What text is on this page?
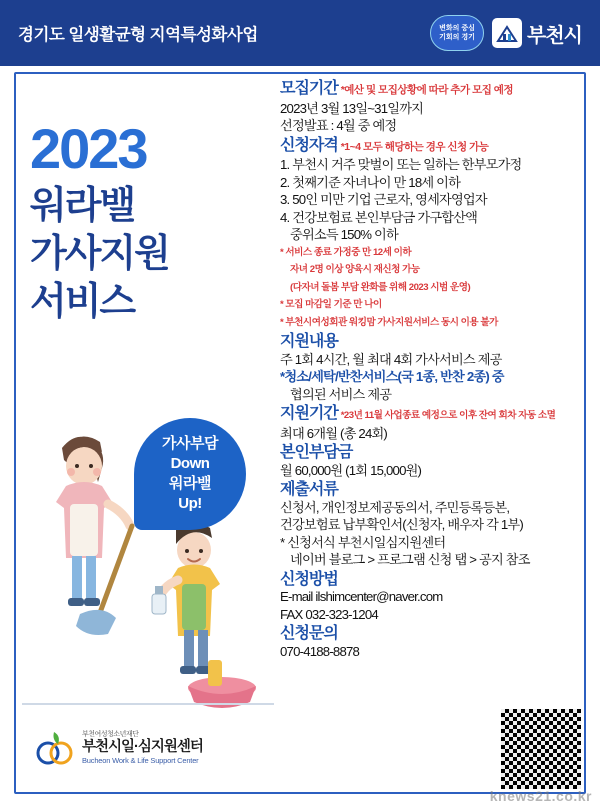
경기도 일생활균형 지역특성화사업	변화의 중심
기회의 경기	부천시
2023
워라밸
가사지원
서비스
가사부담
Down
워라밸
Up!
부천여성청소년재단
부천시일·심지원센터
Bucheon Work & Life Support Center
모집기간 *예산 및 모집상황에 따라 추가 모집 예정
2023년 3월 13일~31일까지
선정발표 : 4월 중 예정
신청자격 *1~4 모두 해당하는 경우 신청 가능
1. 부천시 거주 맞벌이 또는 일하는 한부모가정
2. 첫째기준 자녀나이 만 18세 이하
3. 50인 미만 기업 근로자, 영세자영업자
4. 건강보험료 본인부담금 가구합산액
중위소득 150% 이하
* 서비스 종료 가정중 만 12세 이하
자녀 2명 이상 양육시 재신청 가능
(다자녀 돌봄 부담 완화를 위해 2023 시범 운영)
* 모집 마감일 기준 만 나이
* 부천시여성회관 워킹맘 가사지원서비스 동시 이용 불가
지원내용
주 1회 4시간, 월 최대 4회 가사서비스 제공
*청소/세탁/반찬서비스(국 1종, 반찬 2종) 중
협의된 서비스 제공
지원기간 *23년 11월 사업종료 예정으로 이후 잔여 회차 자동 소멸
최대 6개월 (총 24회)
본인부담금
월 60,000원 (1회 15,000원)
제출서류
신청서, 개인정보제공동의서, 주민등록등본,
건강보험료 납부확인서(신청자, 배우자 각 1부)
* 신청서식 부천시일심지원센터
네이버 블로그 > 프로그램 신청 탭 > 공지 참조
신청방법
E-mail ilshimcenter@naver.com
FAX 032-323-1204
신청문의
070-4188-8878
knews21.co.kr
